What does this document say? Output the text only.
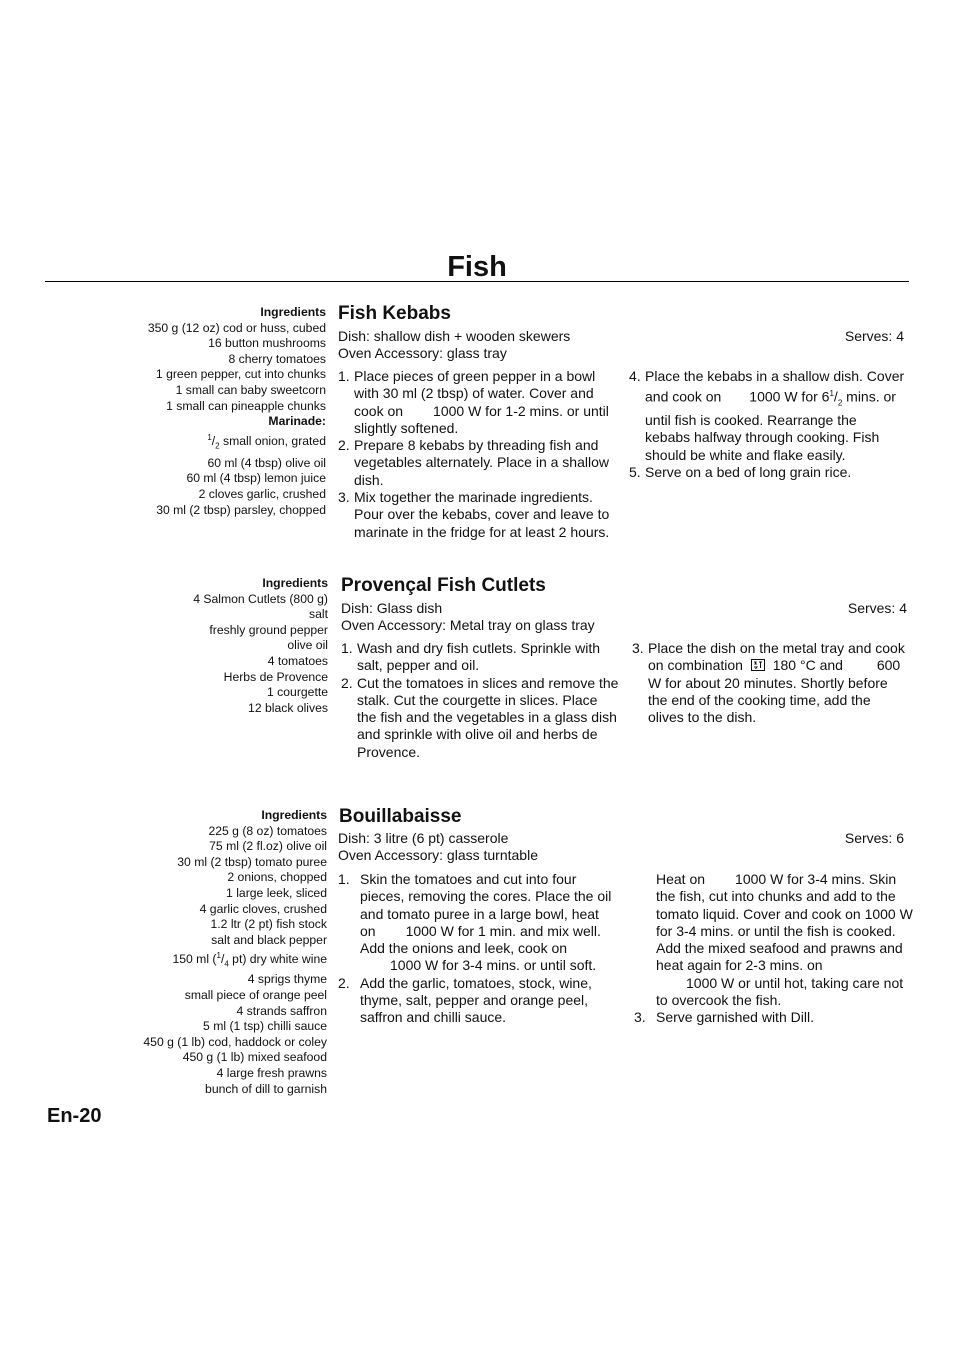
Fish
Ingredients
350 g (12 oz) cod or huss, cubed
16 button mushrooms
8 cherry tomatoes
1 green pepper, cut into chunks
1 small can baby sweetcorn
1 small can pineapple chunks
Marinade:
$^1/_2$ small onion, grated
60 ml (4 tbsp) olive oil
60 ml (4 tbsp) lemon juice
2 cloves garlic, crushed
30 ml (2 tbsp) parsley, chopped
Fish Kebabs
Dish: shallow dish + wooden skewers
Oven Accessory: glass tray
Serves: 4
1. Place pieces of green pepper in a bowl with 30 ml (2 tbsp) of water. Cover and cook on 1000 W for 1-2 mins. or until slightly softened.
2. Prepare 8 kebabs by threading fish and vegetables alternately. Place in a shallow dish.
3. Mix together the marinade ingredients. Pour over the kebabs, cover and leave to marinate in the fridge for at least 2 hours.
4. Place the kebabs in a shallow dish. Cover and cook on 1000 W for $6^1/_2$ mins. or until fish is cooked. Rearrange the kebabs halfway through cooking. Fish should be white and flake easily.
5. Serve on a bed of long grain rice.
Ingredients
4 Salmon Cutlets (800 g)
salt
freshly ground pepper
olive oil
4 tomatoes
Herbs de Provence
1 courgette
12 black olives
Provençal Fish Cutlets
Dish: Glass dish
Oven Accessory: Metal tray on glass tray
Serves: 4
1. Wash and dry fish cutlets. Sprinkle with salt, pepper and oil.
2. Cut the tomatoes in slices and remove the stalk. Cut the courgette in slices. Place the fish and the vegetables in a glass dish and sprinkle with olive oil and herbs de Provence.
3. Place the dish on the metal tray and cook on combination 180 °C and 600 W for about 20 minutes. Shortly before the end of the cooking time, add the olives to the dish.
Ingredients
225 g (8 oz) tomatoes
75 ml (2 fl.oz) olive oil
30 ml (2 tbsp) tomato puree
2 onions, chopped
1 large leek, sliced
4 garlic cloves, crushed
1.2 ltr (2 pt) fish stock
salt and black pepper
150 ml ($^1/_4$ pt) dry white wine
4 sprigs thyme
small piece of orange peel
4 strands saffron
5 ml (1 tsp) chilli sauce
450 g (1 lb) cod, haddock or coley
450 g (1 lb) mixed seafood
4 large fresh prawns
bunch of dill to garnish
Bouillabaisse
Dish: 3 litre (6 pt) casserole
Oven Accessory: glass turntable
Serves: 6
1. Skin the tomatoes and cut into four pieces, removing the cores. Place the oil and tomato puree in a large bowl, heat on 1000 W for 1 min. and mix well. Add the onions and leek, cook on
1000 W for 3-4 mins. or until soft.
2. Add the garlic, tomatoes, stock, wine, thyme, salt, pepper and orange peel, saffron and chilli sauce.
Heat on 1000 W for 3-4 mins. Skin the fish, cut into chunks and add to the tomato liquid. Cover and cook on 1000 W for 3-4 mins. or until the fish is cooked. Add the mixed seafood and prawns and heat again for 2-3 mins. on
1000 W or until hot, taking care not to overcook the fish.
3. Serve garnished with Dill.
En-20
